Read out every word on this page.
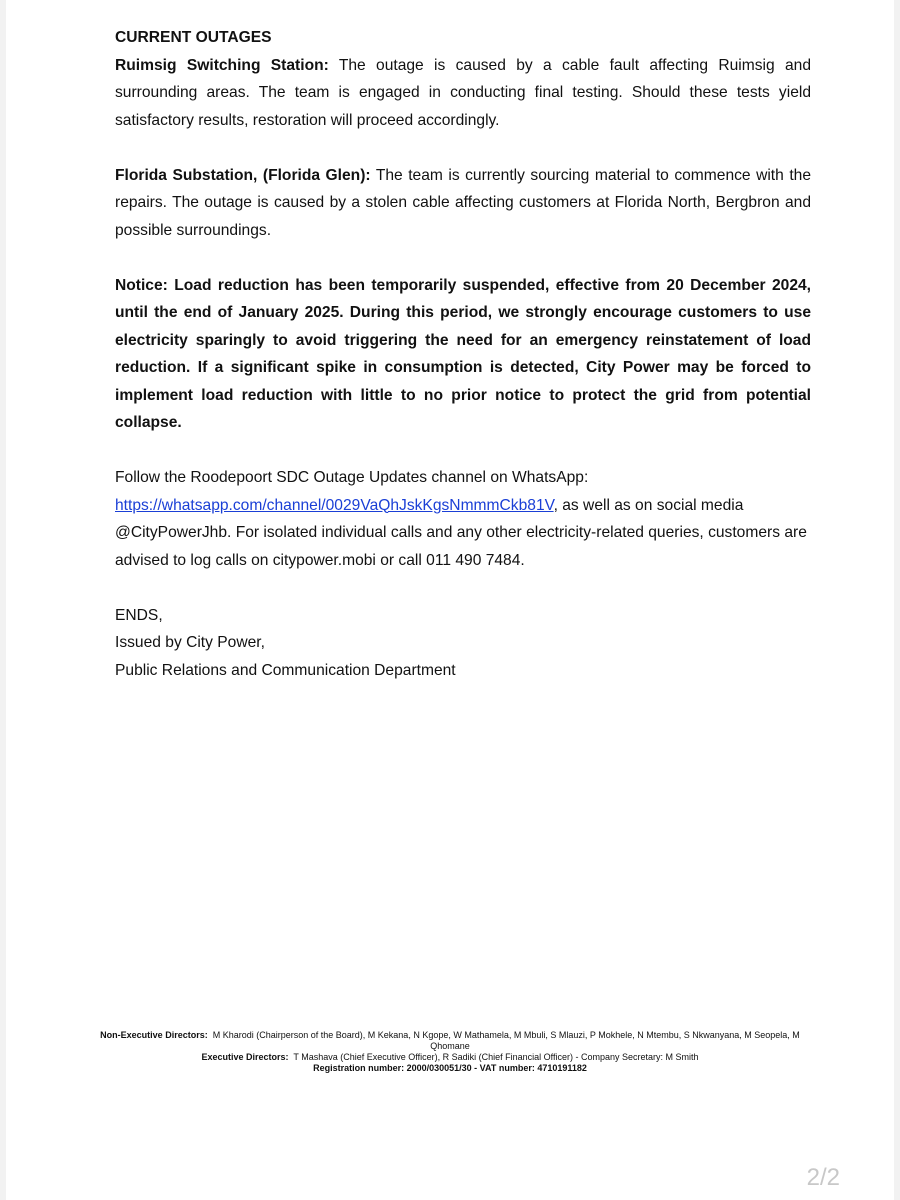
CURRENT OUTAGES

Ruimsig Switching Station: The outage is caused by a cable fault affecting Ruimsig and surrounding areas. The team is engaged in conducting final testing. Should these tests yield satisfactory results, restoration will proceed accordingly.

Florida Substation, (Florida Glen): The team is currently sourcing material to commence with the repairs. The outage is caused by a stolen cable affecting customers at Florida North, Bergbron and possible surroundings.

Notice: Load reduction has been temporarily suspended, effective from 20 December 2024, until the end of January 2025. During this period, we strongly encourage customers to use electricity sparingly to avoid triggering the need for an emergency reinstatement of load reduction. If a significant spike in consumption is detected, City Power may be forced to implement load reduction with little to no prior notice to protect the grid from potential collapse.

Follow the Roodepoort SDC Outage Updates channel on WhatsApp:
https://whatsapp.com/channel/0029VaQhJskKgsNmmmCkb81V, as well as on social media @CityPowerJhb. For isolated individual calls and any other electricity-related queries, customers are advised to log calls on citypower.mobi or call 011 490 7484.

ENDS,

Issued by City Power,

Public Relations and Communication Department

Non-Executive Directors: M Kharodi (Chairperson of the Board), M Kekana, N Kgope, W Mathamela, M Mbuli, S Mlauzi, P Mokhele, N Mtembu, S Nkwanyana, M Seopela, M Qhomane
Executive Directors: T Mashava (Chief Executive Officer), R Sadiki (Chief Financial Officer) - Company Secretary: M Smith
Registration number: 2000/030051/30 - VAT number: 4710191182
2/2
